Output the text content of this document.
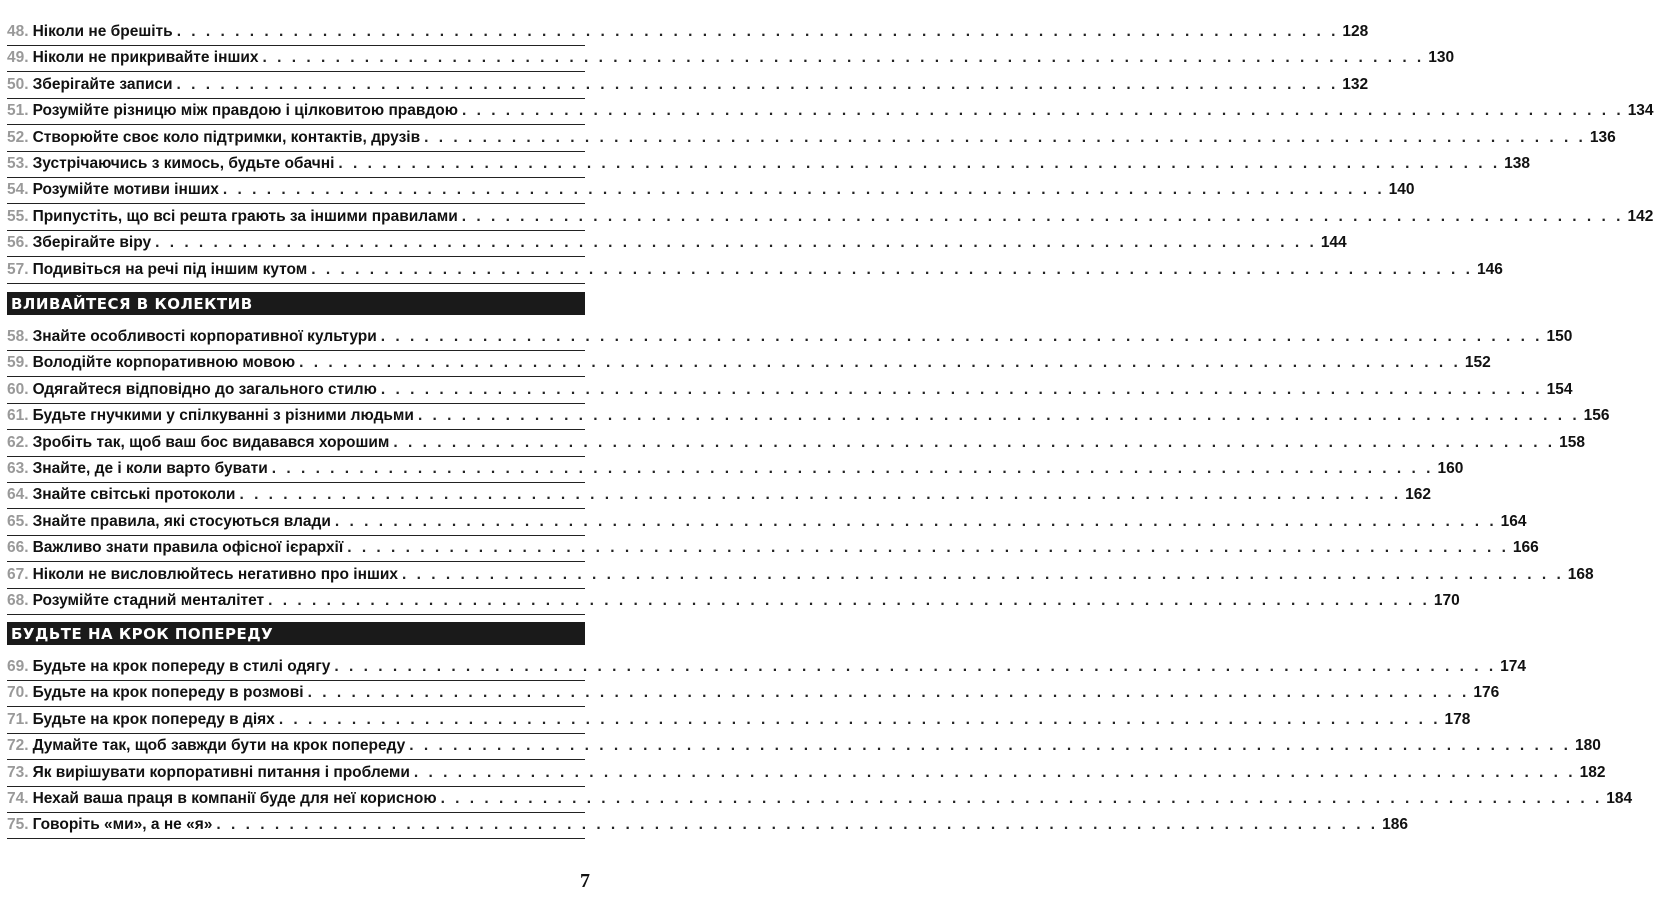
48. Ніколи не брешіть . . . . . . . . . . . . . . . . . . . . . . . . . . . . . . . . . . . . . . . . . . . . . . . . . . . . . . . . . . . . . . . . . . . . . . . . . . . . . . . . 128
49. Ніколи не прикривайте інших . . . . . . . . . . . . . . . . . . . . . . . . . . . . . . . . . . . . . . . . . . . . . . . . . . . . . . . . . . . . . . . . . . . . . . . . . . . . . . . . 130
50. Зберігайте записи . . . . . . . . . . . . . . . . . . . . . . . . . . . . . . . . . . . . . . . . . . . . . . . . . . . . . . . . . . . . . . . . . . . . . . . . . . . . . . . . 132
51. Розумійте різницю між правдою і цілковитою правдою . . . . . . . . . . . . . . . . . . . . . . . . . . . . . . . . . . . . . . . . . . . . . . . . . . . . . . . . . . . . . . . . . . . . . . . . . . . . . . . . 134
52. Створюйте своє коло підтримки, контактів, друзів . . . . . . . . . . . . . . . . . . . . . . . . . . . . . . . . . . . . . . . . . . . . . . . . . . . . . . . . . . . . . . . . . . . . . . . . . . . . . . . . 136
53. Зустрічаючись з кимось, будьте обачні . . . . . . . . . . . . . . . . . . . . . . . . . . . . . . . . . . . . . . . . . . . . . . . . . . . . . . . . . . . . . . . . . . . . . . . . . . . . . . . . 138
54. Розумійте мотиви інших . . . . . . . . . . . . . . . . . . . . . . . . . . . . . . . . . . . . . . . . . . . . . . . . . . . . . . . . . . . . . . . . . . . . . . . . . . . . . . . . 140
55. Припустіть, що всі решта грають за іншими правилами . . . . . . . . . . . . . . . . . . . . . . . . . . . . . . . . . . . . . . . . . . . . . . . . . . . . . . . . . . . . . . . . . . . . . . . . . . . . . . . . 142
56. Зберігайте віру . . . . . . . . . . . . . . . . . . . . . . . . . . . . . . . . . . . . . . . . . . . . . . . . . . . . . . . . . . . . . . . . . . . . . . . . . . . . . . . . 144
57. Подивіться на речі під іншим кутом . . . . . . . . . . . . . . . . . . . . . . . . . . . . . . . . . . . . . . . . . . . . . . . . . . . . . . . . . . . . . . . . . . . . . . . . . . . . . . . . 146
ВЛИВАЙТЕСЯ В КОЛЕКТИВ
58. Знайте особливості корпоративної культури . . . . . . . . . . . . . . . . . . . . . . . . . . . . . . . . . . . . . . . . . . . . . . . . . . . . . . . . . . . . . . . . . . . . . . . . . . . . . . . . 150
59. Володійте корпоративною мовою . . . . . . . . . . . . . . . . . . . . . . . . . . . . . . . . . . . . . . . . . . . . . . . . . . . . . . . . . . . . . . . . . . . . . . . . . . . . . . . . 152
60. Одягайтеся відповідно до загального стилю . . . . . . . . . . . . . . . . . . . . . . . . . . . . . . . . . . . . . . . . . . . . . . . . . . . . . . . . . . . . . . . . . . . . . . . . . . . . . . . . 154
61. Будьте гнучкими у спілкуванні з різними людьми . . . . . . . . . . . . . . . . . . . . . . . . . . . . . . . . . . . . . . . . . . . . . . . . . . . . . . . . . . . . . . . . . . . . . . . . . . . . . . . . 156
62. Зробіть так, щоб ваш бос видавався хорошим . . . . . . . . . . . . . . . . . . . . . . . . . . . . . . . . . . . . . . . . . . . . . . . . . . . . . . . . . . . . . . . . . . . . . . . . . . . . . . . . 158
63. Знайте, де і коли варто бувати . . . . . . . . . . . . . . . . . . . . . . . . . . . . . . . . . . . . . . . . . . . . . . . . . . . . . . . . . . . . . . . . . . . . . . . . . . . . . . . . 160
64. Знайте світські протоколи . . . . . . . . . . . . . . . . . . . . . . . . . . . . . . . . . . . . . . . . . . . . . . . . . . . . . . . . . . . . . . . . . . . . . . . . . . . . . . . . 162
65. Знайте правила, які стосуються влади . . . . . . . . . . . . . . . . . . . . . . . . . . . . . . . . . . . . . . . . . . . . . . . . . . . . . . . . . . . . . . . . . . . . . . . . . . . . . . . . 164
66. Важливо знати правила офісної ієрархії . . . . . . . . . . . . . . . . . . . . . . . . . . . . . . . . . . . . . . . . . . . . . . . . . . . . . . . . . . . . . . . . . . . . . . . . . . . . . . . . 166
67. Ніколи не висловлюйтесь негативно про інших . . . . . . . . . . . . . . . . . . . . . . . . . . . . . . . . . . . . . . . . . . . . . . . . . . . . . . . . . . . . . . . . . . . . . . . . . . . . . . . . 168
68. Розумійте стадний менталітет . . . . . . . . . . . . . . . . . . . . . . . . . . . . . . . . . . . . . . . . . . . . . . . . . . . . . . . . . . . . . . . . . . . . . . . . . . . . . . . . 170
БУДЬТЕ НА КРОК ПОПЕРЕДУ
69. Будьте на крок попереду в стилі одягу . . . . . . . . . . . . . . . . . . . . . . . . . . . . . . . . . . . . . . . . . . . . . . . . . . . . . . . . . . . . . . . . . . . . . . . . . . . . . . . . 174
70. Будьте на крок попереду в розмові . . . . . . . . . . . . . . . . . . . . . . . . . . . . . . . . . . . . . . . . . . . . . . . . . . . . . . . . . . . . . . . . . . . . . . . . . . . . . . . . 176
71. Будьте на крок попереду в діях . . . . . . . . . . . . . . . . . . . . . . . . . . . . . . . . . . . . . . . . . . . . . . . . . . . . . . . . . . . . . . . . . . . . . . . . . . . . . . . . 178
72. Думайте так, щоб завжди бути на крок попереду . . . . . . . . . . . . . . . . . . . . . . . . . . . . . . . . . . . . . . . . . . . . . . . . . . . . . . . . . . . . . . . . . . . . . . . . . . . . . . . . 180
73. Як вирішувати корпоративні питання і проблеми . . . . . . . . . . . . . . . . . . . . . . . . . . . . . . . . . . . . . . . . . . . . . . . . . . . . . . . . . . . . . . . . . . . . . . . . . . . . . . . . 182
74. Нехай ваша праця в компанії буде для неї корисною . . . . . . . . . . . . . . . . . . . . . . . . . . . . . . . . . . . . . . . . . . . . . . . . . . . . . . . . . . . . . . . . . . . . . . . . . . . . . . . . 184
75. Говоріть «ми», а не «я» . . . . . . . . . . . . . . . . . . . . . . . . . . . . . . . . . . . . . . . . . . . . . . . . . . . . . . . . . . . . . . . . . . . . . . . . . . . . . . . . 186
7
